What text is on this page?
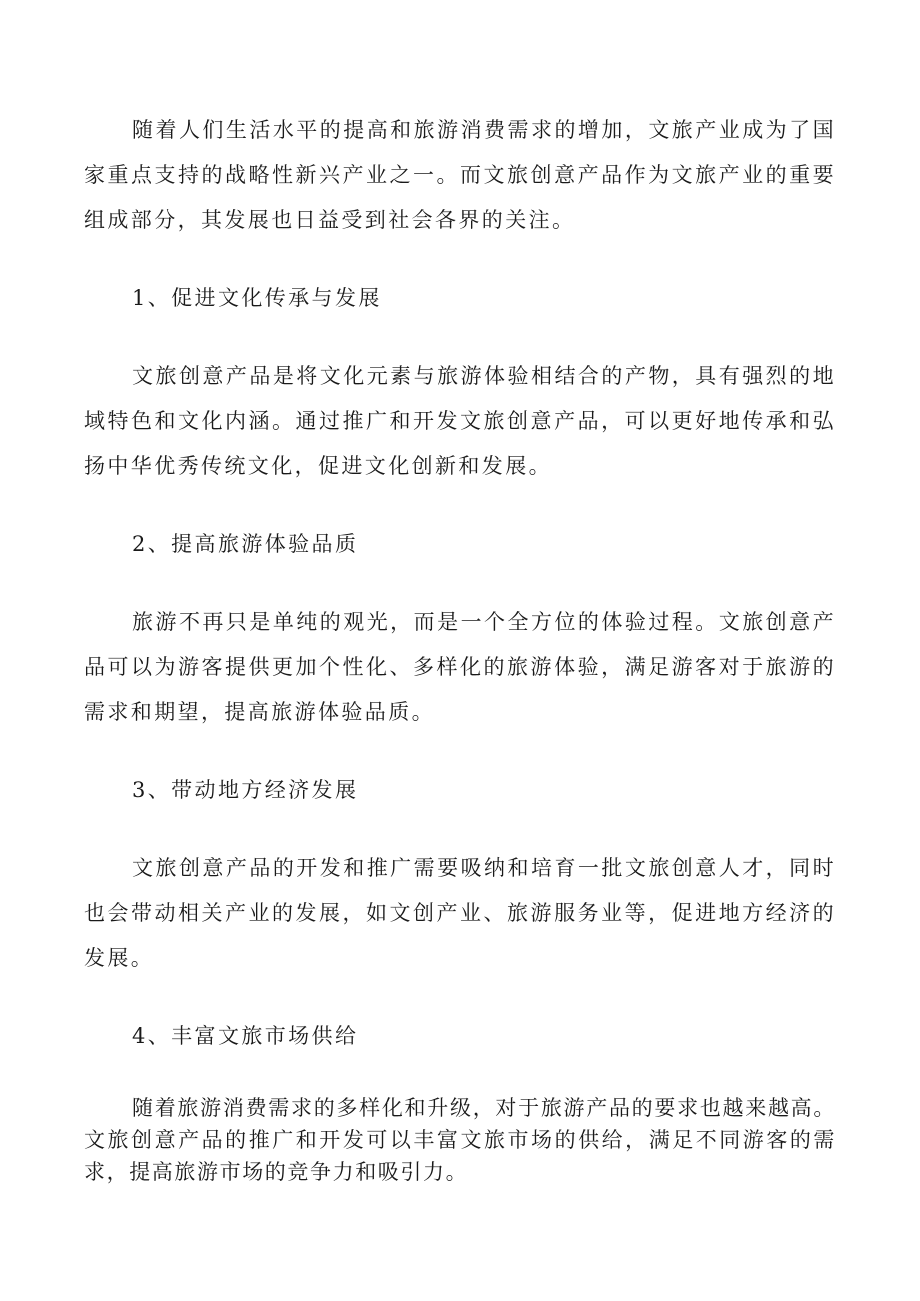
随着人们生活水平的提高和旅游消费需求的增加，文旅产业成为了国家重点支持的战略性新兴产业之一。而文旅创意产品作为文旅产业的重要组成部分，其发展也日益受到社会各界的关注。

1、促进文化传承与发展

文旅创意产品是将文化元素与旅游体验相结合的产物，具有强烈的地域特色和文化内涵。通过推广和开发文旅创意产品，可以更好地传承和弘扬中华优秀传统文化，促进文化创新和发展。

2、提高旅游体验品质

旅游不再只是单纯的观光，而是一个全方位的体验过程。文旅创意产品可以为游客提供更加个性化、多样化的旅游体验，满足游客对于旅游的需求和期望，提高旅游体验品质。

3、带动地方经济发展

文旅创意产品的开发和推广需要吸纳和培育一批文旅创意人才，同时也会带动相关产业的发展，如文创产业、旅游服务业等，促进地方经济的发展。

4、丰富文旅市场供给

随着旅游消费需求的多样化和升级，对于旅游产品的要求也越来越高。文旅创意产品的推广和开发可以丰富文旅市场的供给，满足不同游客的需求，提高旅游市场的竞争力和吸引力。
